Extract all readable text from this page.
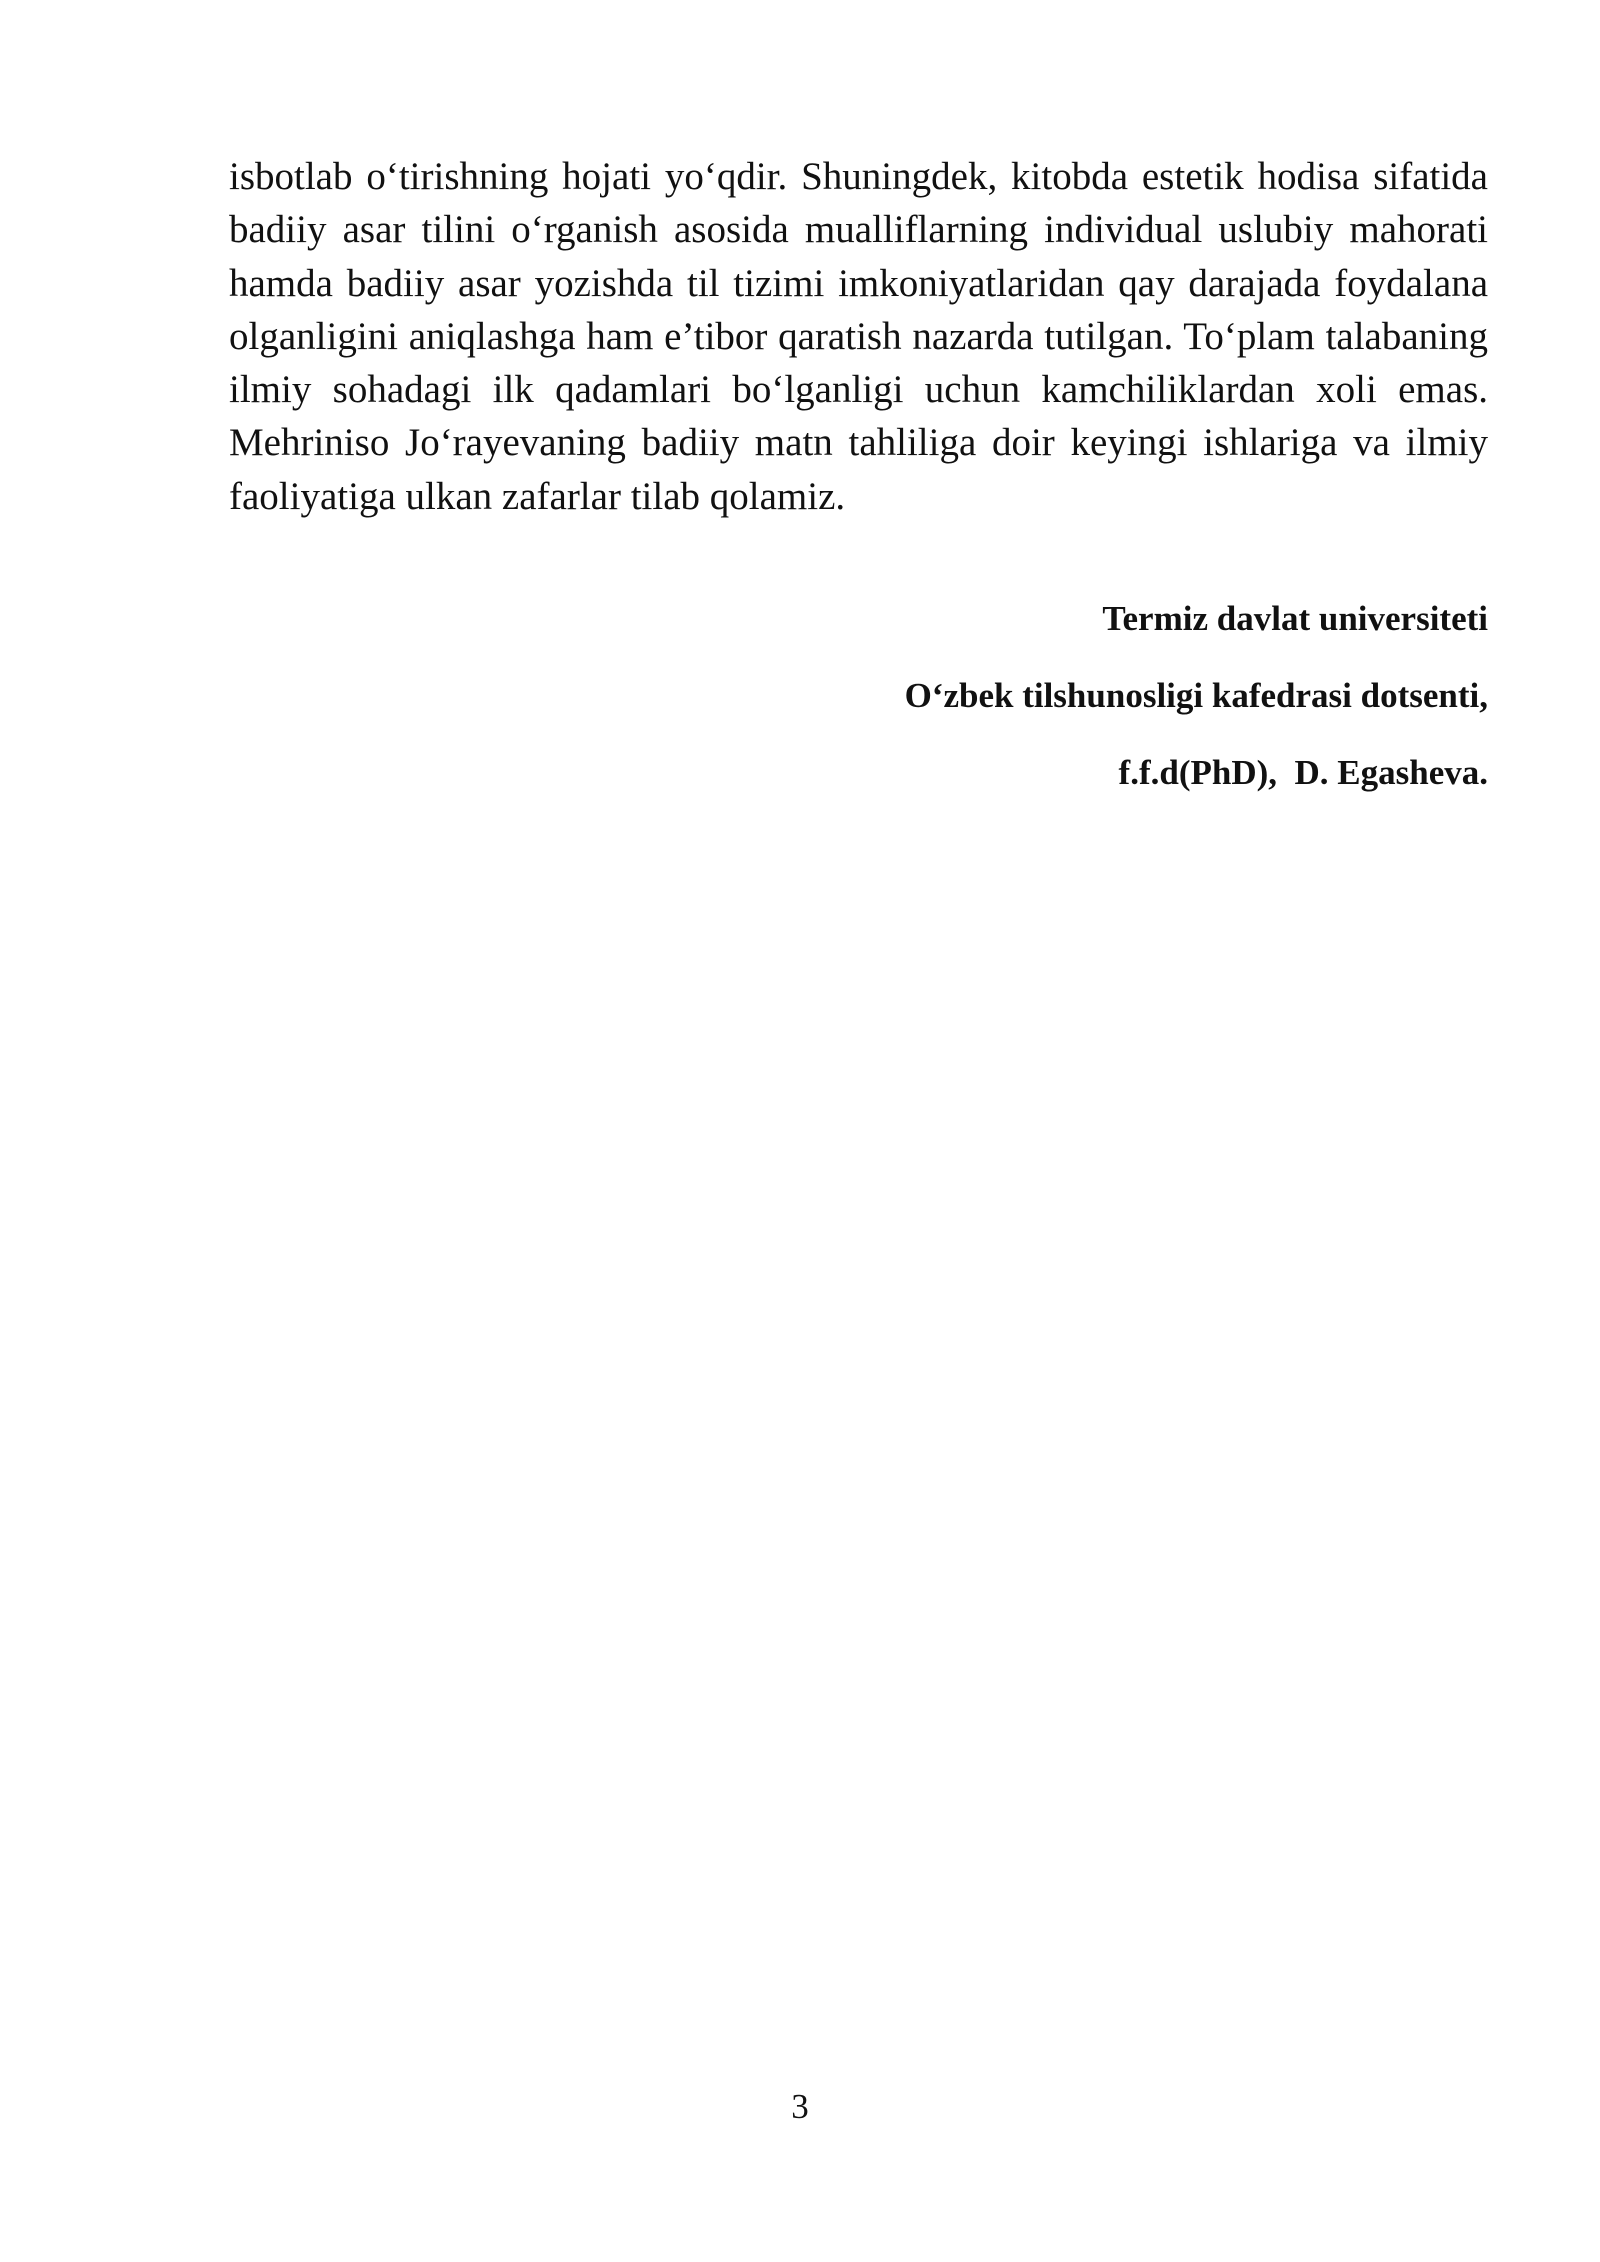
isbotlab o‘tirishning hojati yo‘qdir. Shuningdek, kitobda estetik hodisa sifatida badiiy asar tilini o‘rganish asosida mualliflarning individual uslubiy mahorati hamda badiiy asar yozishda til tizimi imkoniyatlaridan qay darajada foydalana olganligini aniqlashga ham e’tibor qaratish nazarda tutilgan. To‘plam talabaning ilmiy sohadagi ilk qadamlari bo‘lganligi uchun kamchiliklardan xoli emas. Mehriniso Jo‘rayevaning badiiy matn tahliliga doir keyingi ishlariga va ilmiy faoliyatiga ulkan zafarlar tilab qolamiz.

Termiz davlat universiteti
O‘zbek tilshunosligi kafedrasi dotsenti,
f.f.d(PhD),  D. Egasheva.
3
